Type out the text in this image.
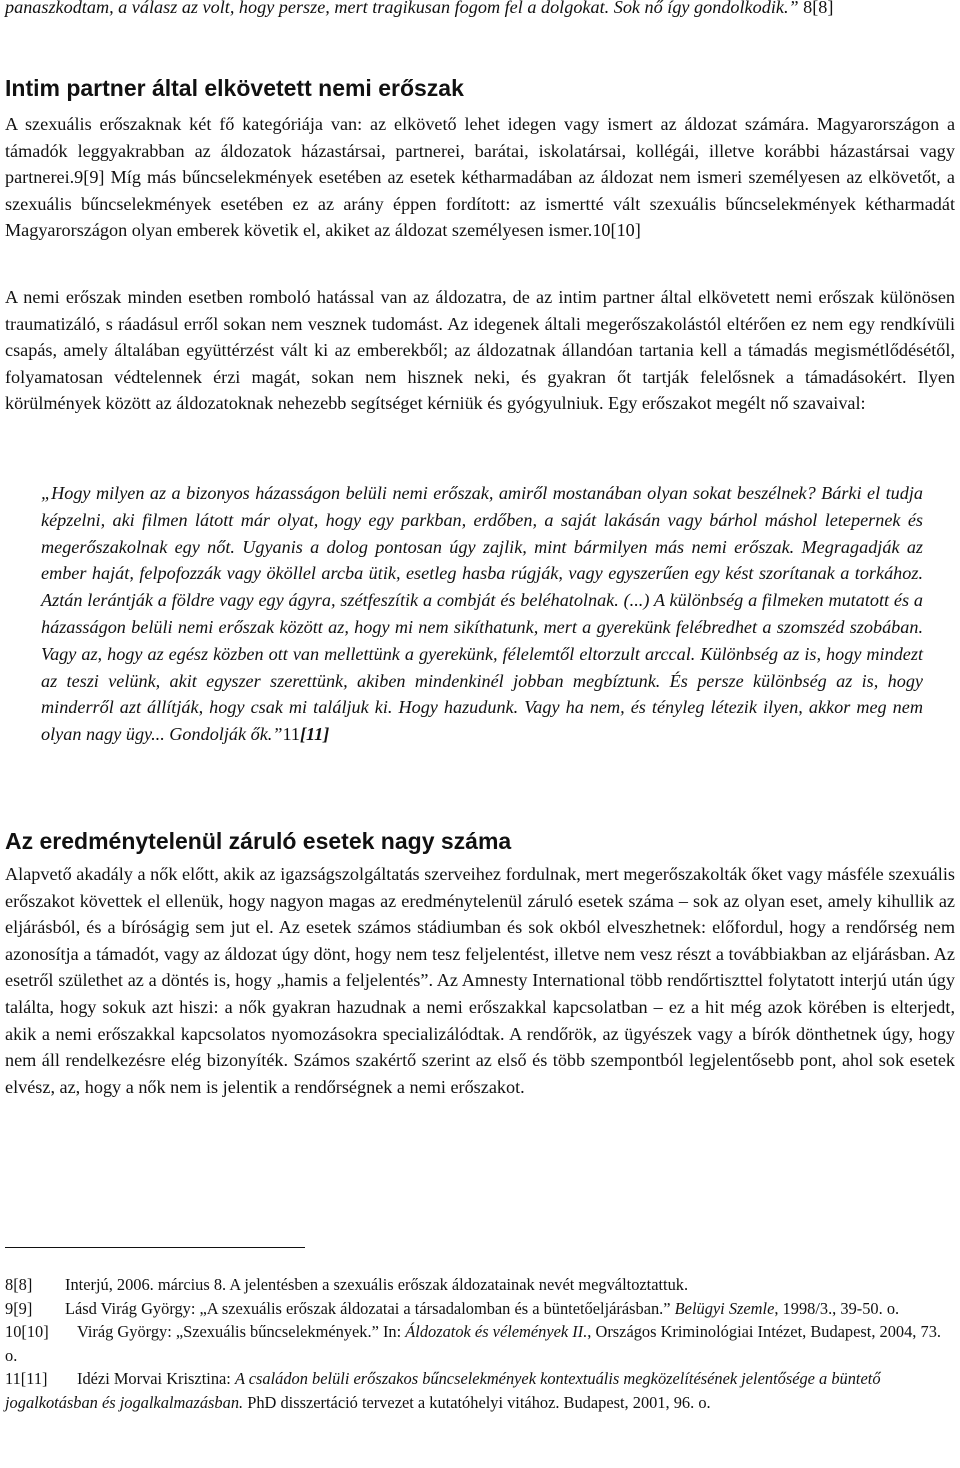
panaszkodtam, a válasz az volt, hogy persze, mert tragikusan fogom fel a dolgokat. Sok nő így gondolkodik.” 8[8]

Intim partner által elkövetett nemi erőszak

A szexuális erőszaknak két fő kategóriája van: az elkövető lehet idegen vagy ismert az áldozat számára. Magyarországon a támadók leggyakrabban az áldozatok házastársai, partnerei, barátai, iskolatársai, kollégái, illetve korábbi házastársai vagy partnerei.9[9] Míg más bűncselekmények esetében az esetek kétharmadában az áldozat nem ismeri személyesen az elkövetőt, a szexuális bűncselekmények esetében ez az arány éppen fordított: az ismertté vált szexuális bűncselekmények kétharmadát Magyarországon olyan emberek követik el, akiket az áldozat személyesen ismer.10[10]

A nemi erőszak minden esetben romboló hatással van az áldozatra, de az intim partner által elkövetett nemi erőszak különösen traumatizáló, s ráadásul erről sokan nem vesznek tudomást. Az idegenek általi megerőszakolástól eltérően ez nem egy rendkívüli csapás, amely általában együttérzést vált ki az emberekből; az áldozatnak állandóan tartania kell a támadás megismétlődésétől, folyamatosan védtelennek érzi magát, sokan nem hisznek neki, és gyakran őt tartják felelősnek a támadásokért. Ilyen körülmények között az áldozatoknak nehezebb segítséget kérniük és gyógyulniuk. Egy erőszakot megélt nő szavaival:

„Hogy milyen az a bizonyos házasságon belüli nemi erőszak, amiről mostanában olyan sokat beszélnek? Bárki el tudja képzelni, aki filmen látott már olyat, hogy egy parkban, erdőben, a saját lakásán vagy bárhol máshol letepernek és megerőszakolnak egy nőt. Ugyanis a dolog pontosan úgy zajlik, mint bármilyen más nemi erőszak. Megragadják az ember haját, felpofozzák vagy ököllel arcba ütik, esetleg hasba rúgják, vagy egyszerűen egy kést szorítanak a torkához. Aztán lerántják a földre vagy egy ágyra, szétfeszítik a combját és beléhatolnak. (...) A különbség a filmeken mutatott és a házasságon belüli nemi erőszak között az, hogy mi nem sikíthatunk, mert a gyerekünk felébredhet a szomszéd szobában. Vagy az, hogy az egész közben ott van mellettünk a gyerekünk, félelemtől eltorzult arccal. Különbség az is, hogy mindezt az teszi velünk, akit egyszer szerettünk, akiben mindenkinél jobban megbíztunk. És persze különbség az is, hogy minderről azt állítják, hogy csak mi találjuk ki. Hogy hazudunk. Vagy ha nem, és tényleg létezik ilyen, akkor meg nem olyan nagy ügy... Gondolják ők.”11[11]

Az eredménytelenül záruló esetek nagy száma

Alapvető akadály a nők előtt, akik az igazságszolgáltatás szerveihez fordulnak, mert megerőszakolták őket vagy másféle szexuális erőszakot követtek el ellenük, hogy nagyon magas az eredménytelenül záruló esetek száma – sok az olyan eset, amely kihullik az eljárásból, és a bíróságig sem jut el. Az esetek számos stádiumban és sok okból elveszhetnek: előfordul, hogy a rendőrség nem azonosítja a támadót, vagy az áldozat úgy dönt, hogy nem tesz feljelentést, illetve nem vesz részt a továbbiakban az eljárásban. Az esetről születhet az a döntés is, hogy „hamis a feljelentés”. Az Amnesty International több rendőrtiszttel folytatott interjú után úgy találta, hogy sokuk azt hiszi: a nők gyakran hazudnak a nemi erőszakkal kapcsolatban – ez a hit még azok körében is elterjedt, akik a nemi erőszakkal kapcsolatos nyomozásokra specializálódtak. A rendőrök, az ügyészek vagy a bírók dönthetnek úgy, hogy nem áll rendelkezésre elég bizonyíték. Számos szakértő szerint az első és több szempontból legjelentősebb pont, ahol sok esetek elvész, az, hogy a nők nem is jelentik a rendőrségnek a nemi erőszakot.

8[8] Interjú, 2006. március 8. A jelentésben a szexuális erőszak áldozatainak nevét megváltoztattuk.

9[9] Lásd Virág György: „A szexuális erőszak áldozatai a társadalomban és a büntetőeljárásban.” Belügyi Szemle, 1998/3., 39-50. o.

10[10] Virág György: „Szexuális bűncselekmények.” In: Áldozatok és vélemények II., Országos Kriminológiai Intézet, Budapest, 2004, 73. o.

11[11] Idézi Morvai Krisztina: A családon belüli erőszakos bűncselekmények kontextuális megközelítésének jelentősége a büntető jogalkotásban és jogalkalmazásban. PhD disszertáció tervezet a kutatóhelyi vitához. Budapest, 2001, 96. o.
